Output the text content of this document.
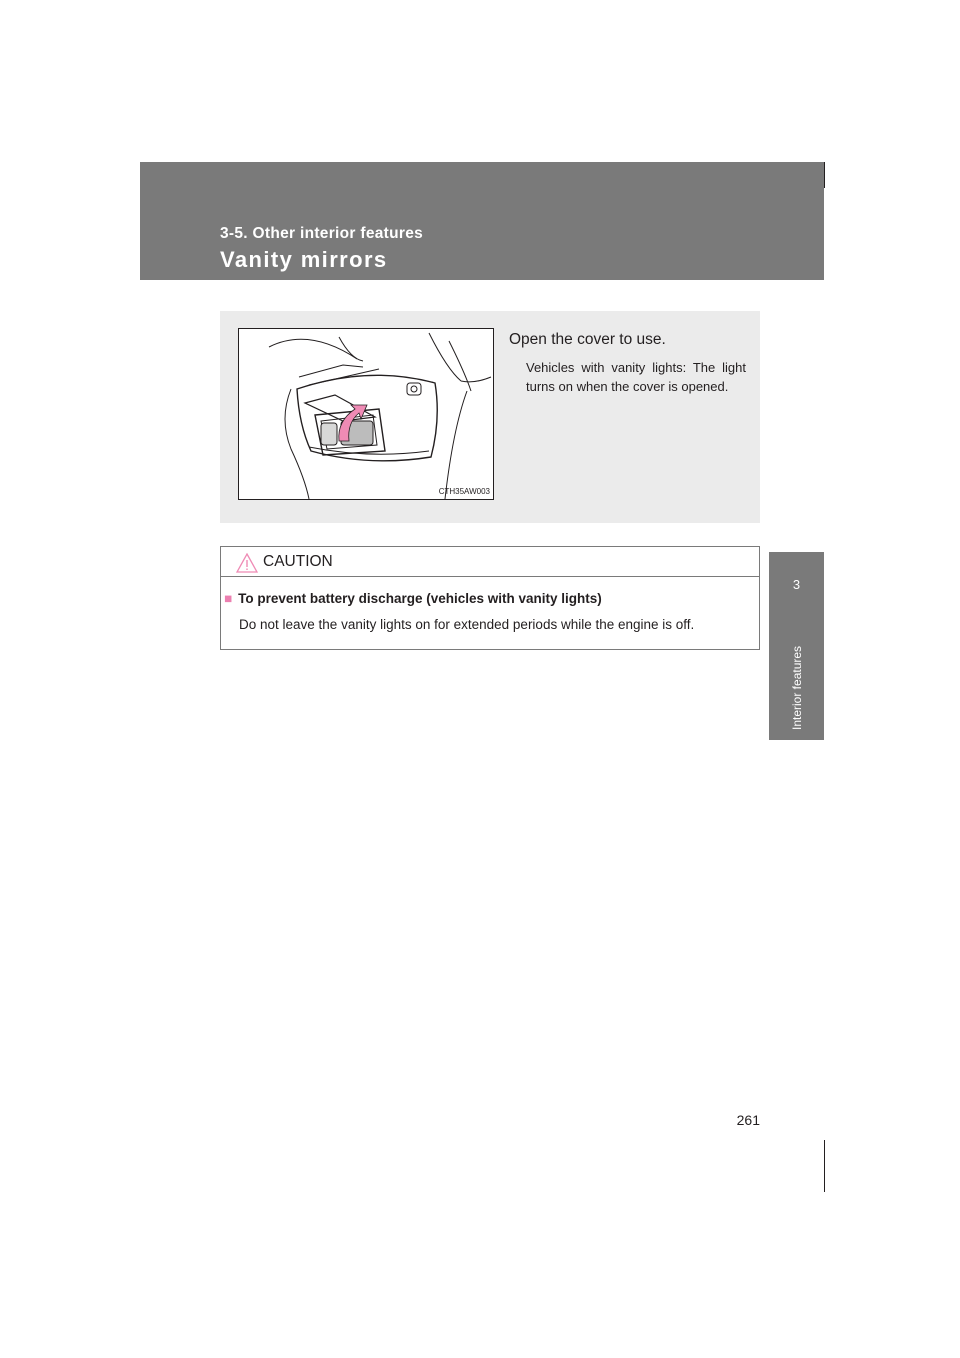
3-5. Other interior features
Vanity mirrors
3
Interior features
CTH35AW003
Open the cover to use.
Vehicles with vanity lights: The light turns on when the cover is opened.
CAUTION
■ To prevent battery discharge (vehicles with vanity lights)
Do not leave the vanity lights on for extended periods while the engine is off.
261
